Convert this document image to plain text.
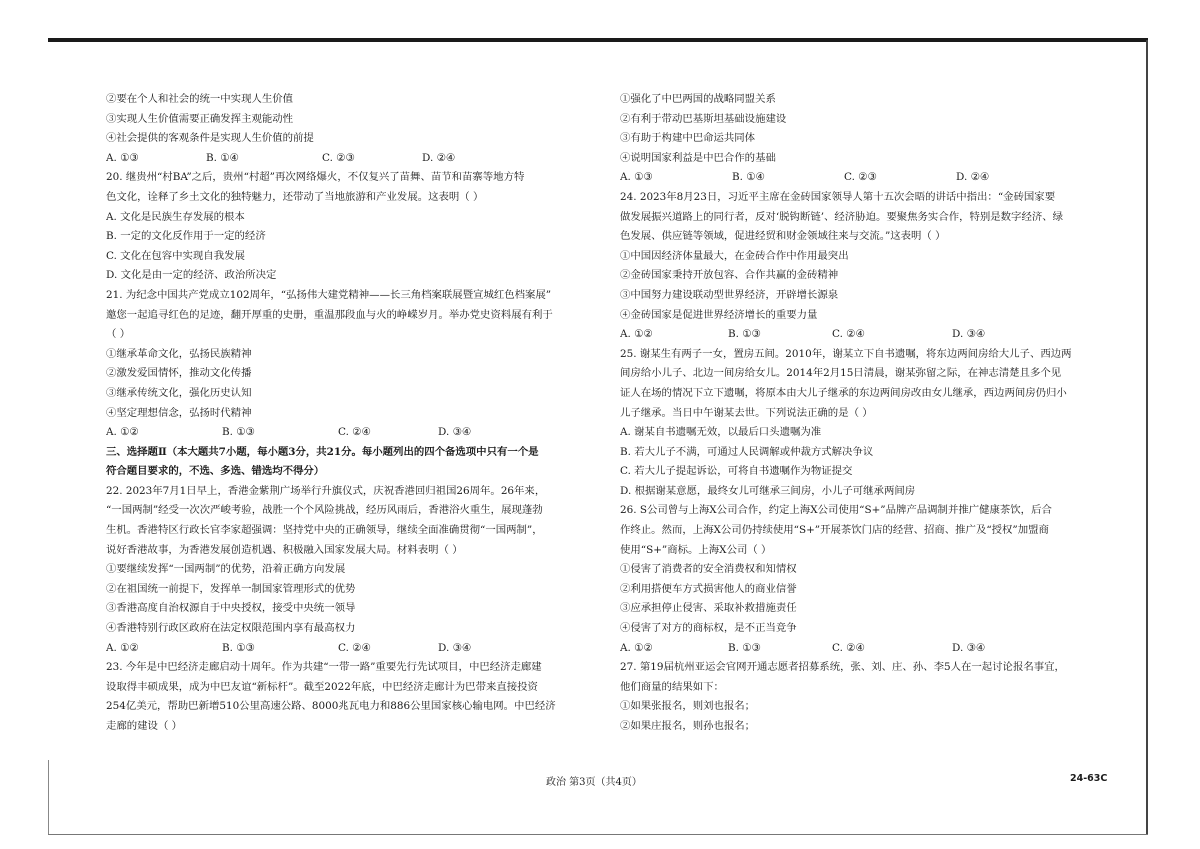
②要在个人和社会的统一中实现人生价值
③实现人生价值需要正确发挥主观能动性
④社会提供的客观条件是实现人生价值的前提
A. ①③	B. ①④	C. ②③	D. ②④
20. 继贵州“村BA”之后，贵州“村超”再次网络爆火，不仅复兴了苗舞、苗节和苗寨等地方特
色文化，诠释了乡土文化的独特魅力，还带动了当地旅游和产业发展。这表明（ ）
A. 文化是民族生存发展的根本
B. 一定的文化反作用于一定的经济
C. 文化在包容中实现自我发展
D. 文化是由一定的经济、政治所决定
21. 为纪念中国共产党成立102周年，“弘扬伟大建党精神——长三角档案联展暨宣城红色档案展”
邀您一起追寻红色的足迹，翻开厚重的史册，重温那段血与火的峥嵘岁月。举办党史资料展有利于
（ ）
①继承革命文化，弘扬民族精神
②激发爱国情怀，推动文化传播
③继承传统文化，强化历史认知
④坚定理想信念，弘扬时代精神
A. ①②	B. ①③	C. ②④	D. ③④
三、选择题Ⅱ（本大题共7小题，每小题3分，共21分。每小题列出的四个备选项中只有一个是
符合题目要求的，不选、多选、错选均不得分）
22. 2023年7月1日早上，香港金紫荆广场举行升旗仪式，庆祝香港回归祖国26周年。26年来，
“一国两制”经受一次次严峻考验，战胜一个个风险挑战，经历风雨后，香港浴火重生，展现蓬勃
生机。香港特区行政长官李家超强调：坚持党中央的正确领导，继续全面准确贯彻“一国两制”，
说好香港故事，为香港发展创造机遇、积极融入国家发展大局。材料表明（ ）
①要继续发挥“一国两制”的优势，沿着正确方向发展
②在祖国统一前提下，发挥单一制国家管理形式的优势
③香港高度自治权源自于中央授权，接受中央统一领导
④香港特别行政区政府在法定权限范围内享有最高权力
A. ①②	B. ①③	C. ②④	D. ③④
23. 今年是中巴经济走廊启动十周年。作为共建“一带一路”重要先行先试项目，中巴经济走廊建
设取得丰硕成果，成为中巴友谊“新标杆”。截至2022年底，中巴经济走廊计为巴带来直接投资
254亿美元，帮助巴新增510公里高速公路、8000兆瓦电力和886公里国家核心输电网。中巴经济
走廊的建设（ ）
①强化了中巴两国的战略同盟关系
②有利于带动巴基斯坦基础设施建设
③有助于构建中巴命运共同体
④说明国家利益是中巴合作的基础
A. ①③	B. ①④	C. ②③	D. ②④
24. 2023年8月23日，习近平主席在金砖国家领导人第十五次会晤的讲话中指出：“金砖国家要
做发展振兴道路上的同行者，反对‘脱钩断链’、经济胁迫。要聚焦务实合作，特别是数字经济、绿
色发展、供应链等领域，促进经贸和财金领域往来与交流。”这表明（ ）
①中国因经济体量最大，在金砖合作中作用最突出
②金砖国家秉持开放包容、合作共赢的金砖精神
③中国努力建设联动型世界经济，开辟增长源泉
④金砖国家是促进世界经济增长的重要力量
A. ①②	B. ①③	C. ②④	D. ③④
25. 谢某生有两子一女，置房五间。2010年，谢某立下自书遗嘱，将东边两间房给大儿子、西边两
间房给小儿子、北边一间房给女儿。2014年2月15日清晨，谢某弥留之际，在神志清楚且多个见
证人在场的情况下立下遗嘱，将原本由大儿子继承的东边两间房改由女儿继承，西边两间房仍归小
儿子继承。当日中午谢某去世。下列说法正确的是（ ）
A. 谢某自书遗嘱无效，以最后口头遗嘱为准
B. 若大儿子不满，可通过人民调解或仲裁方式解决争议
C. 若大儿子提起诉讼，可将自书遗嘱作为物证提交
D. 根据谢某意愿，最终女儿可继承三间房，小儿子可继承两间房
26. S公司曾与上海X公司合作，约定上海X公司使用“S+”品牌产品调制并推广健康茶饮，后合
作终止。然而，上海X公司仍持续使用“S+”开展茶饮门店的经营、招商、推广及“授权”加盟商
使用“S+”商标。上海X公司（ ）
①侵害了消费者的安全消费权和知情权
②利用搭便车方式损害他人的商业信誉
③应承担停止侵害、采取补救措施责任
④侵害了对方的商标权，是不正当竞争
A. ①②	B. ①③	C. ②④	D. ③④
27. 第19届杭州亚运会官网开通志愿者招募系统，张、刘、庄、孙、李5人在一起讨论报名事宜，
他们商量的结果如下：
①如果张报名，则刘也报名；
②如果庄报名，则孙也报名；
政治 第3页（共4页）	24-63C
